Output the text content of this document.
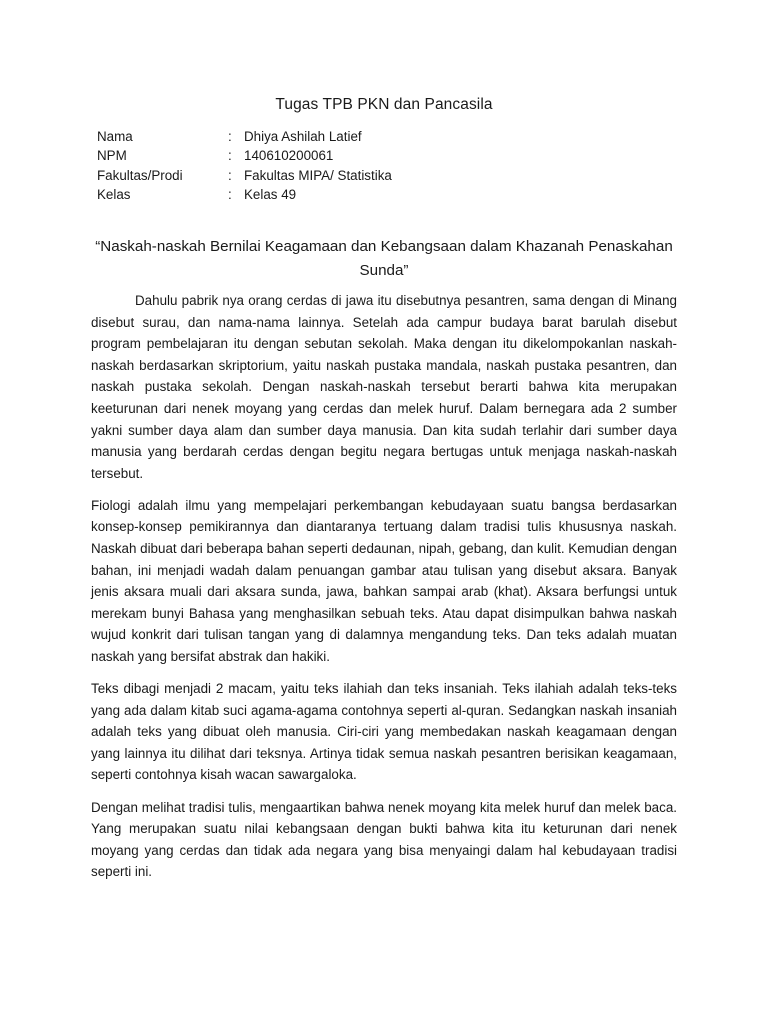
Tugas TPB PKN dan Pancasila
Nama	:	Dhiya Ashilah Latief
NPM	:	140610200061
Fakultas/Prodi	:	Fakultas MIPA/ Statistika
Kelas	:	Kelas 49
“Naskah-naskah Bernilai Keagamaan dan Kebangsaan dalam Khazanah Penaskahan Sunda”

Dahulu pabrik nya orang cerdas di jawa itu disebutnya pesantren, sama dengan di Minang disebut surau, dan nama-nama lainnya. Setelah ada campur budaya barat barulah disebut program pembelajaran itu dengan sebutan sekolah. Maka dengan itu dikelompokanlan naskah-naskah berdasarkan skriptorium, yaitu naskah pustaka mandala, naskah pustaka pesantren, dan naskah pustaka sekolah. Dengan naskah-naskah tersebut berarti bahwa kita merupakan keeturunan dari nenek moyang yang cerdas dan melek huruf. Dalam bernegara ada 2 sumber yakni sumber daya alam dan sumber daya manusia. Dan kita sudah terlahir dari sumber daya manusia yang berdarah cerdas dengan begitu negara bertugas untuk menjaga naskah-naskah tersebut.

Fiologi adalah ilmu yang mempelajari perkembangan kebudayaan suatu bangsa berdasarkan konsep-konsep pemikirannya dan diantaranya tertuang dalam tradisi tulis khususnya naskah. Naskah dibuat dari beberapa bahan seperti dedaunan, nipah, gebang, dan kulit. Kemudian dengan bahan, ini menjadi wadah dalam penuangan gambar atau tulisan yang disebut aksara. Banyak jenis aksara muali dari aksara sunda, jawa, bahkan sampai arab (khat). Aksara berfungsi untuk merekam bunyi Bahasa yang menghasilkan sebuah teks. Atau dapat disimpulkan bahwa naskah wujud konkrit dari tulisan tangan yang di dalamnya mengandung teks. Dan teks adalah muatan naskah yang bersifat abstrak dan hakiki.

Teks dibagi menjadi 2 macam, yaitu teks ilahiah dan teks insaniah. Teks ilahiah adalah teks-teks yang ada dalam kitab suci agama-agama contohnya seperti al-quran. Sedangkan naskah insaniah adalah teks yang dibuat oleh manusia. Ciri-ciri yang membedakan naskah keagamaan dengan yang lainnya itu dilihat dari teksnya. Artinya tidak semua naskah pesantren berisikan keagamaan, seperti contohnya kisah wacan sawargaloka.

Dengan melihat tradisi tulis, mengaartikan bahwa nenek moyang kita melek huruf dan melek baca. Yang merupakan suatu nilai kebangsaan dengan bukti bahwa kita itu keturunan dari nenek moyang yang cerdas dan tidak ada negara yang bisa menyaingi dalam hal kebudayaan tradisi seperti ini.
